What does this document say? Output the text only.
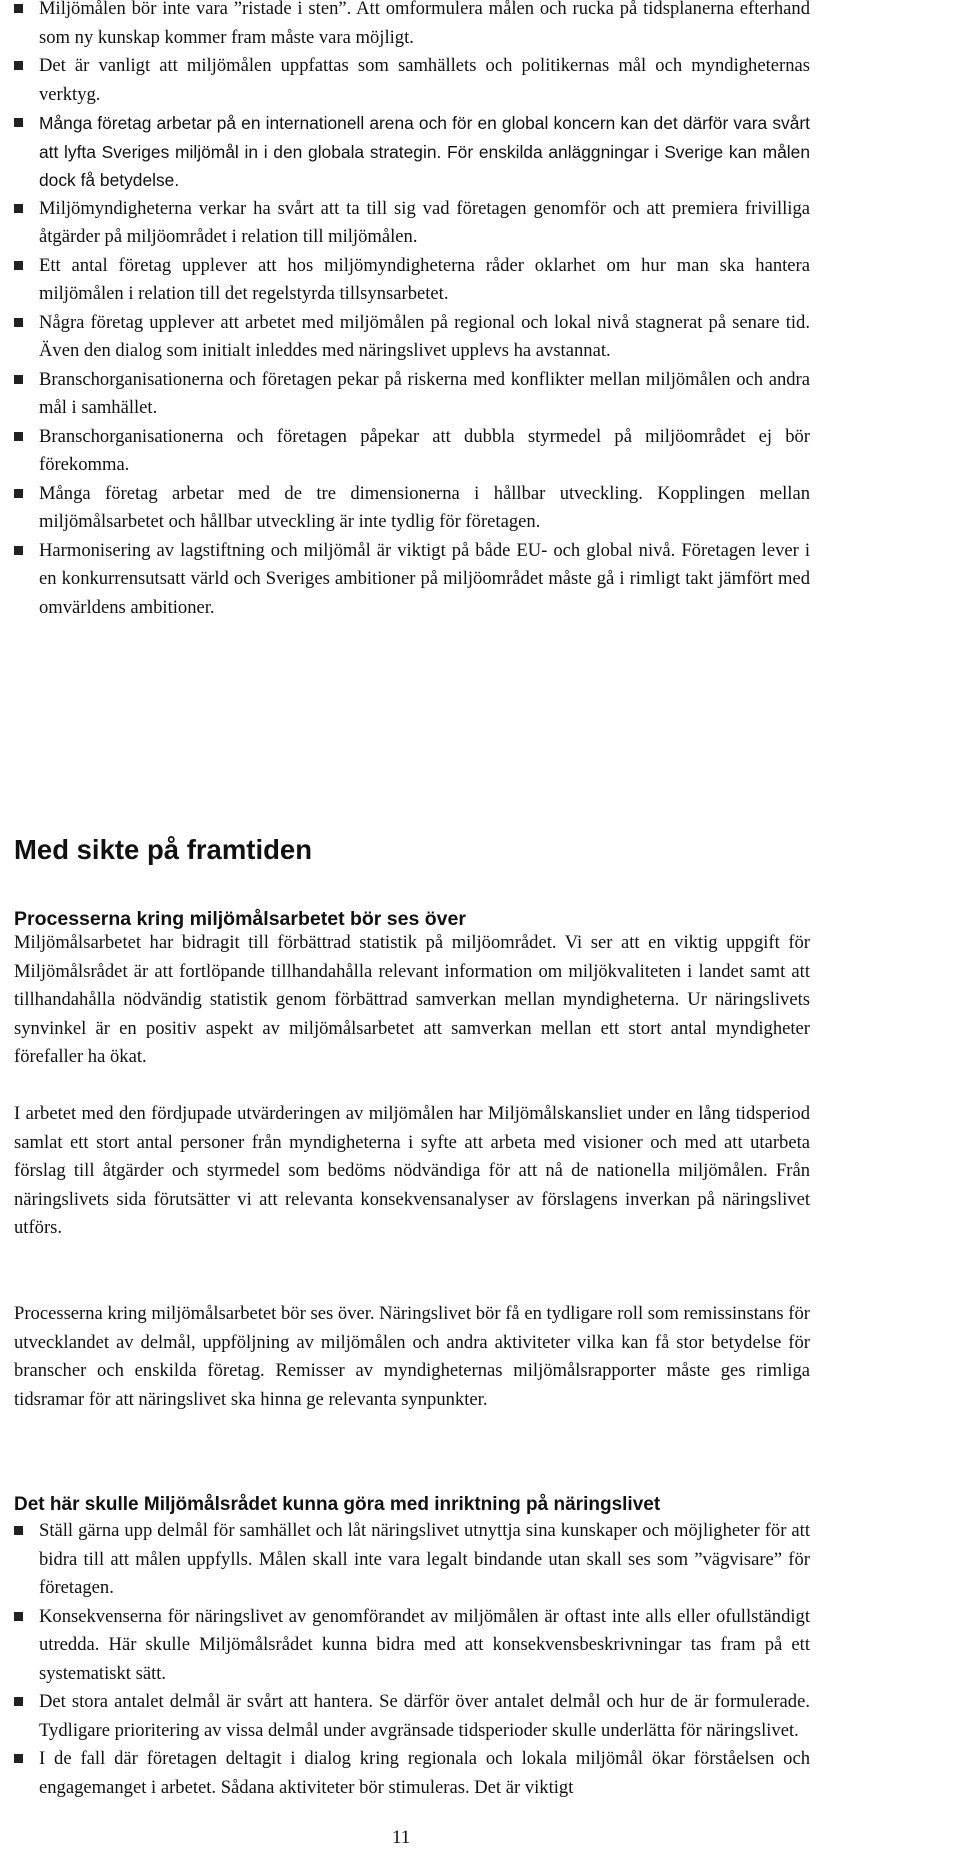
Miljömålen bör inte vara ”ristade i sten”. Att omformulera målen och rucka på tidsplanerna efterhand som ny kunskap kommer fram måste vara möjligt.
Det är vanligt att miljömålen uppfattas som samhällets och politikernas mål och myndigheternas verktyg.
Många företag arbetar på en internationell arena och för en global koncern kan det därför vara svårt att lyfta Sveriges miljömål in i den globala strategin. För enskilda anläggningar i Sverige kan målen dock få betydelse.
Miljömyndigheterna verkar ha svårt att ta till sig vad företagen genomför och att premiera frivilliga åtgärder på miljöområdet i relation till miljömålen.
Ett antal företag upplever att hos miljömyndigheterna råder oklarhet om hur man ska hantera miljömålen i relation till det regelstyrda tillsynsarbetet.
Några företag upplever att arbetet med miljömålen på regional och lokal nivå stagnerat på senare tid. Även den dialog som initialt inleddes med näringslivet upplevs ha avstannat.
Branschorganisationerna och företagen pekar på riskerna med konflikter mellan miljömålen och andra mål i samhället.
Branschorganisationerna och företagen påpekar att dubbla styrmedel på miljöområdet ej bör förekomma.
Många företag arbetar med de tre dimensionerna i hållbar utveckling. Kopplingen mellan miljömålsarbetet och hållbar utveckling är inte tydlig för företagen.
Harmonisering av lagstiftning och miljömål är viktigt på både EU- och global nivå. Företagen lever i en konkurrensutsatt värld och Sveriges ambitioner på miljöområdet måste gå i rimligt takt jämfört med omvärldens ambitioner.
Med sikte på framtiden
Processerna kring miljömålsarbetet bör ses över

Miljömålsarbetet har bidragit till förbättrad statistik på miljöområdet. Vi ser att en viktig uppgift för Miljömålsrådet är att fortlöpande tillhandahålla relevant information om miljökvaliteten i landet samt att tillhandahålla nödvändig statistik genom förbättrad samverkan mellan myndigheterna. Ur näringslivets synvinkel är en positiv aspekt av miljömålsarbetet att samverkan mellan ett stort antal myndigheter förefaller ha ökat.

I arbetet med den fördjupade utvärderingen av miljömålen har Miljömålskansliet under en lång tidsperiod samlat ett stort antal personer från myndigheterna i syfte att arbeta med visioner och med att utarbeta förslag till åtgärder och styrmedel som bedöms nödvändiga för att nå de nationella miljömålen. Från näringslivets sida förutsätter vi att relevanta konsekvensanalyser av förslagens inverkan på näringslivet utförs.

Processerna kring miljömålsarbetet bör ses över. Näringslivet bör få en tydligare roll som remissinstans för utvecklandet av delmål, uppföljning av miljömålen och andra aktiviteter vilka kan få stor betydelse för branscher och enskilda företag. Remisser av myndigheternas miljömålsrapporter måste ges rimliga tidsramar för att näringslivet ska hinna ge relevanta synpunkter.

Det här skulle Miljömålsrådet kunna göra med inriktning på näringslivet
Ställ gärna upp delmål för samhället och låt näringslivet utnyttja sina kunskaper och möjligheter för att bidra till att målen uppfylls. Målen skall inte vara legalt bindande utan skall ses som ”vägvisare” för företagen.
Konsekvenserna för näringslivet av genomförandet av miljömålen är oftast inte alls eller ofullständigt utredda. Här skulle Miljömålsrådet kunna bidra med att konsekvensbeskrivningar tas fram på ett systematiskt sätt.
Det stora antalet delmål är svårt att hantera. Se därför över antalet delmål och hur de är formulerade. Tydligare prioritering av vissa delmål under avgränsade tidsperioder skulle underlätta för näringslivet.
I de fall där företagen deltagit i dialog kring regionala och lokala miljömål ökar förståelsen och engagemanget i arbetet. Sådana aktiviteter bör stimuleras. Det är viktigt
11
